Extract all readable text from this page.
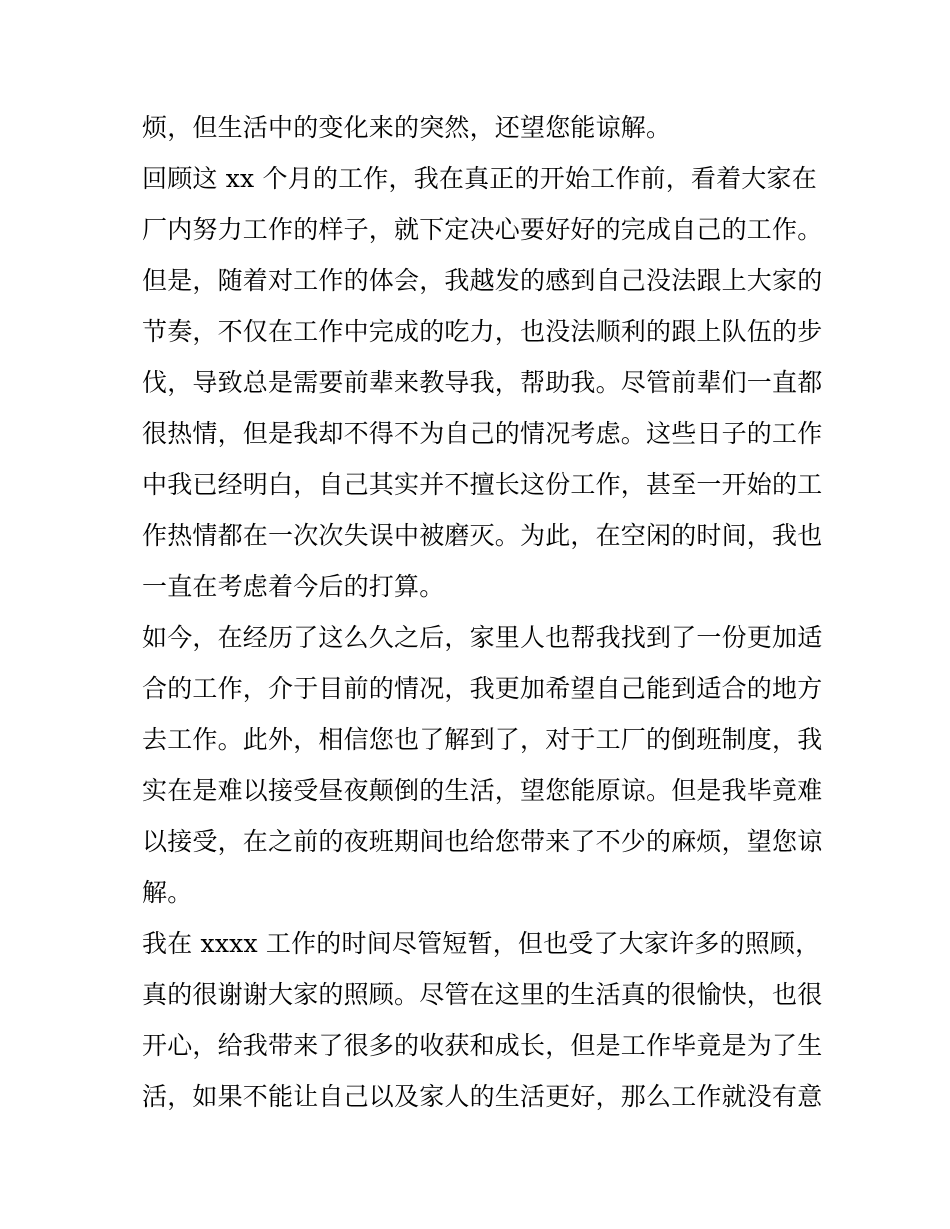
烦，但生活中的变化来的突然，还望您能谅解。
回顾这 xx 个月的工作，我在真正的开始工作前，看着大家在
厂内努力工作的样子，就下定决心要好好的完成自己的工作。
但是，随着对工作的体会，我越发的感到自己没法跟上大家的
节奏，不仅在工作中完成的吃力，也没法顺利的跟上队伍的步
伐，导致总是需要前辈来教导我，帮助我。尽管前辈们一直都
很热情，但是我却不得不为自己的情况考虑。这些日子的工作
中我已经明白，自己其实并不擅长这份工作，甚至一开始的工
作热情都在一次次失误中被磨灭。为此，在空闲的时间，我也
一直在考虑着今后的打算。
如今，在经历了这么久之后，家里人也帮我找到了一份更加适
合的工作，介于目前的情况，我更加希望自己能到适合的地方
去工作。此外，相信您也了解到了，对于工厂的倒班制度，我
实在是难以接受昼夜颠倒的生活，望您能原谅。但是我毕竟难
以接受，在之前的夜班期间也给您带来了不少的麻烦，望您谅
解。
我在 xxxx 工作的时间尽管短暂，但也受了大家许多的照顾，
真的很谢谢大家的照顾。尽管在这里的生活真的很愉快，也很
开心，给我带来了很多的收获和成长，但是工作毕竟是为了生
活，如果不能让自己以及家人的生活更好，那么工作就没有意
